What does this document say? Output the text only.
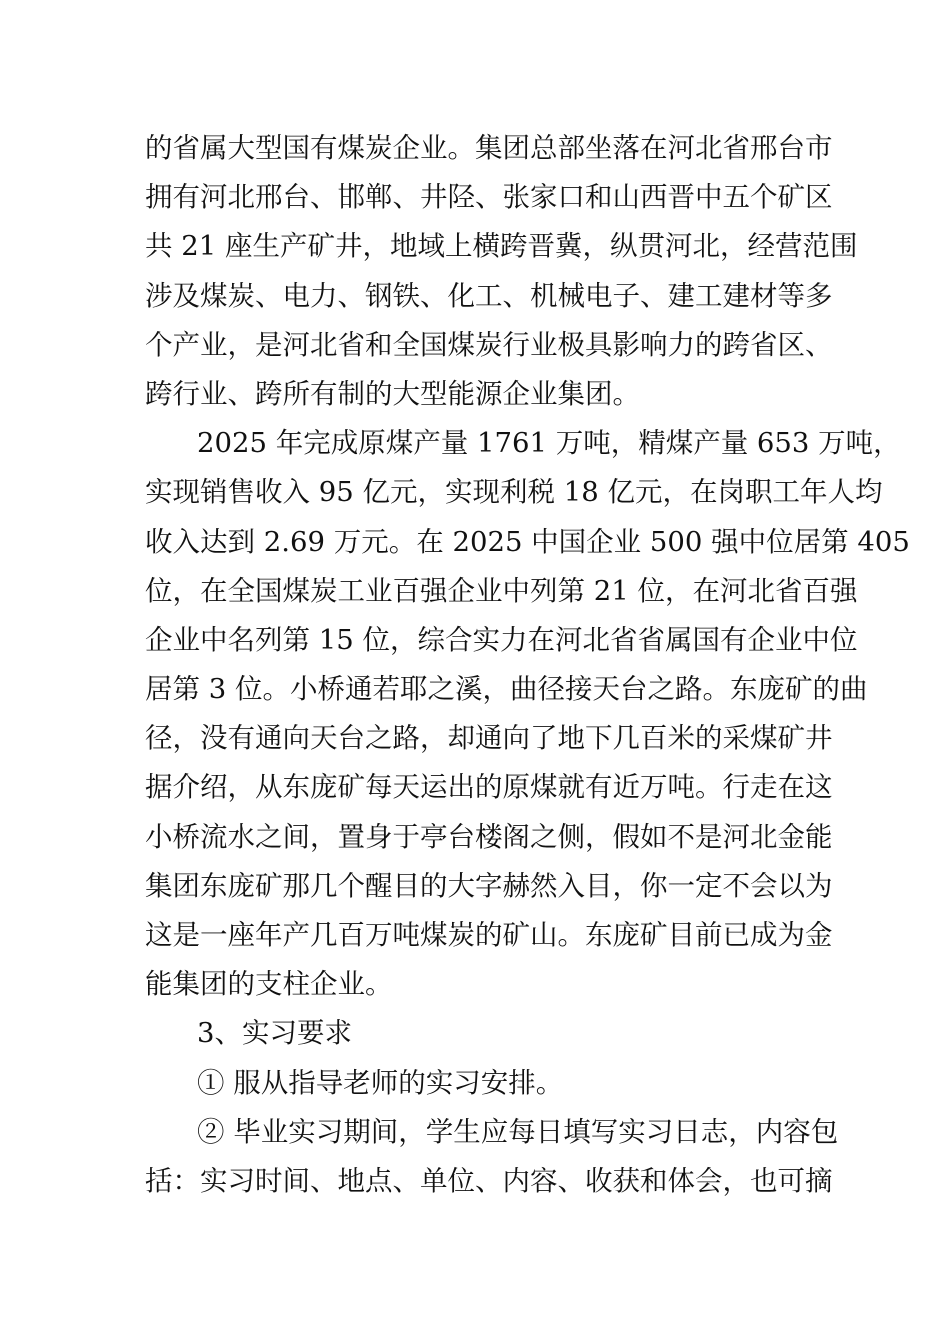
的省属大型国有煤炭企业。集团总部坐落在河北省邢台市
拥有河北邢台、邯郸、井陉、张家口和山西晋中五个矿区
共 21 座生产矿井，地域上横跨晋冀，纵贯河北，经营范围
涉及煤炭、电力、钢铁、化工、机械电子、建工建材等多
个产业，是河北省和全国煤炭行业极具影响力的跨省区、
跨行业、跨所有制的大型能源企业集团。
2025 年完成原煤产量 1761 万吨，精煤产量 653 万吨，
实现销售收入 95 亿元，实现利税 18 亿元，在岗职工年人均
收入达到 2.69 万元。在 2025 中国企业 500 强中位居第 405
位，在全国煤炭工业百强企业中列第 21 位，在河北省百强
企业中名列第 15 位，综合实力在河北省省属国有企业中位
居第 3 位。小桥通若耶之溪，曲径接天台之路。东庞矿的曲
径，没有通向天台之路，却通向了地下几百米的采煤矿井
据介绍，从东庞矿每天运出的原煤就有近万吨。行走在这
小桥流水之间，置身于亭台楼阁之侧，假如不是河北金能
集团东庞矿那几个醒目的大字赫然入目，你一定不会以为
这是一座年产几百万吨煤炭的矿山。东庞矿目前已成为金
能集团的支柱企业。
3、实习要求
① 服从指导老师的实习安排。
② 毕业实习期间，学生应每日填写实习日志，内容包
括：实习时间、地点、单位、内容、收获和体会，也可摘
